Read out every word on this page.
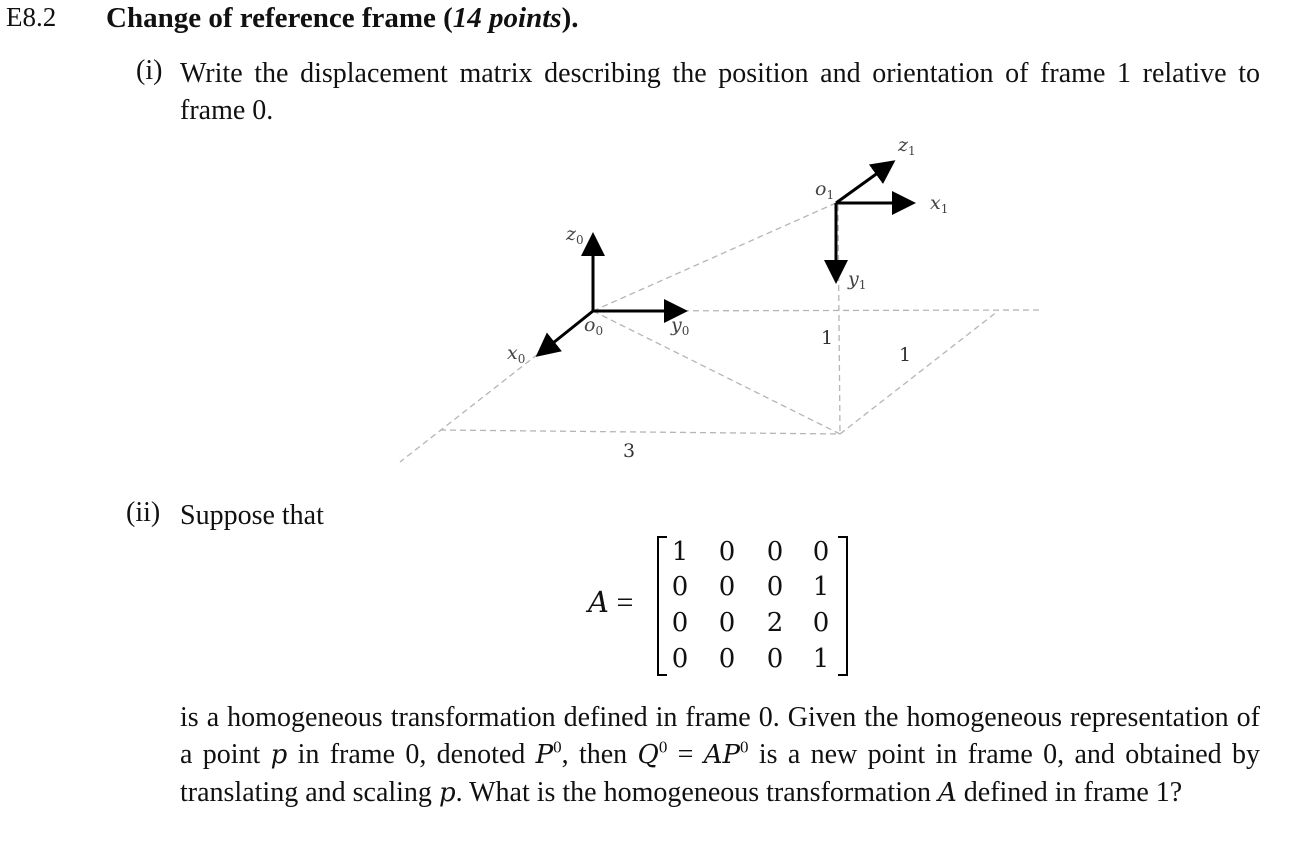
E8.2 Change of reference frame (14 points).
(i) Write the displacement matrix describing the position and orientation of frame 1 relative to frame 0.
$z_0$
$o_0$	$y_0$
$x_0$
$z_1$
$o_1$	$x_1$
$y_1$
1
1
3
(ii) Suppose that
A =
1 0 0 0
0 0 0 1
0 0 2 0
0 0 0 1
is a homogeneous transformation defined in frame 0. Given the homogeneous representation of a point p in frame 0, denoted $P^0$, then $Q^0 = AP^0$ is a new point in frame 0, and obtained by translating and scaling p. What is the homogeneous transformation A defined in frame 1?
